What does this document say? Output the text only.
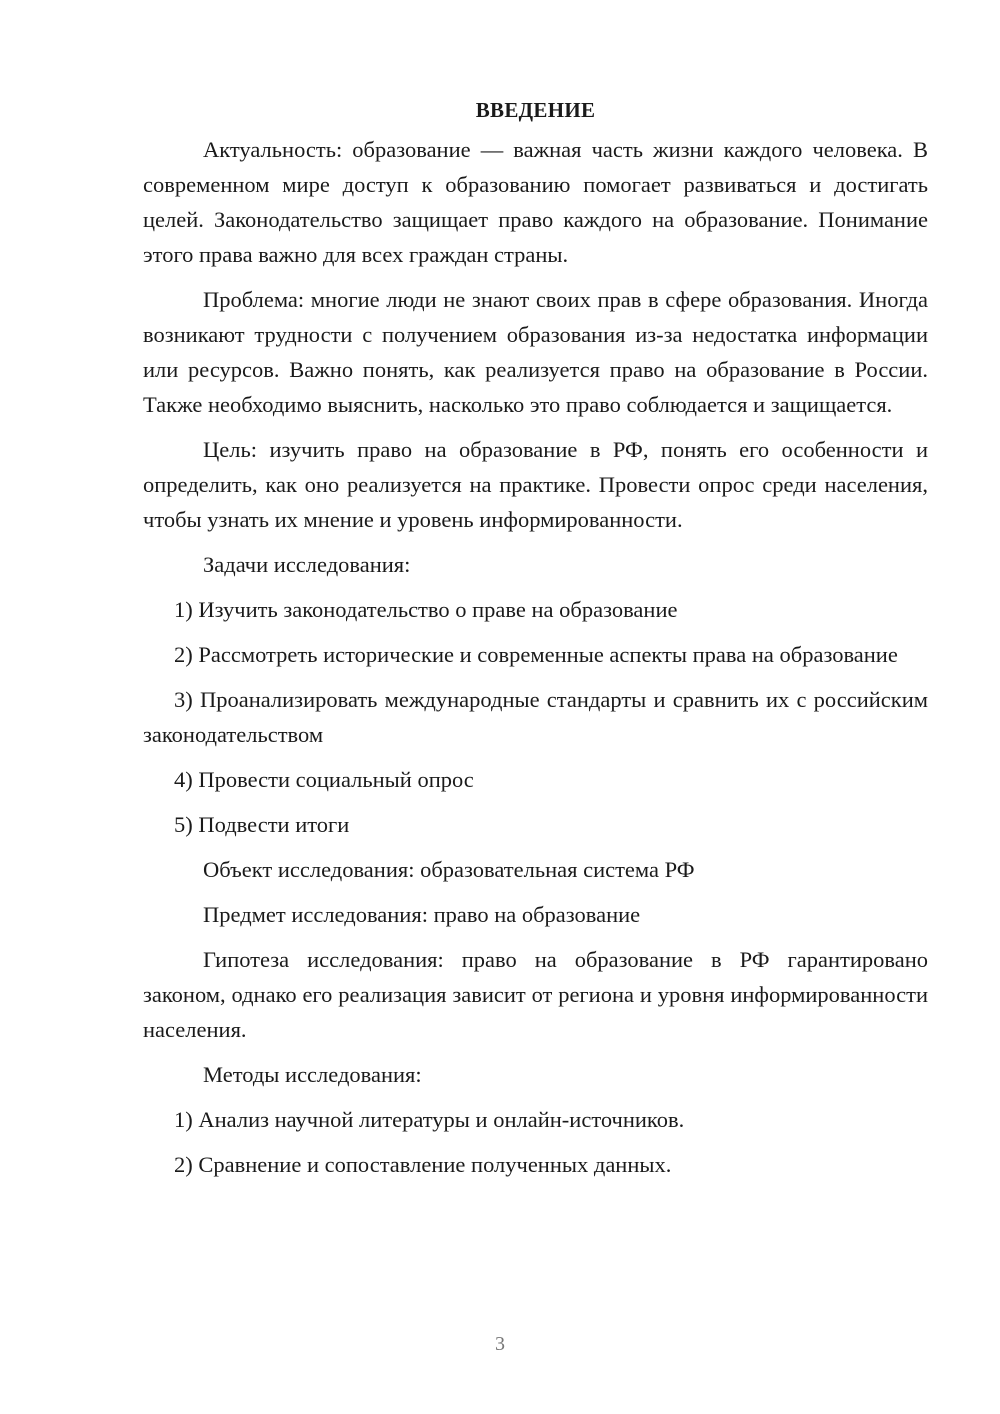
ВВЕДЕНИЕ

Актуальность: образование — важная часть жизни каждого человека. В современном мире доступ к образованию помогает развиваться и достигать целей. Законодательство защищает право каждого на образование. Понимание этого права важно для всех граждан страны.

Проблема: многие люди не знают своих прав в сфере образования. Иногда возникают трудности с получением образования из-за недостатка информации или ресурсов. Важно понять, как реализуется право на образование в России. Также необходимо выяснить, насколько это право соблюдается и защищается.

Цель: изучить право на образование в РФ, понять его особенности и определить, как оно реализуется на практике. Провести опрос среди населения, чтобы узнать их мнение и уровень информированности.

Задачи исследования:

1) Изучить законодательство о праве на образование

2) Рассмотреть исторические и современные аспекты права на образование

3) Проанализировать международные стандарты и сравнить их с российским законодательством

4) Провести социальный опрос

5) Подвести итоги

Объект исследования: образовательная система РФ

Предмет исследования: право на образование

Гипотеза исследования: право на образование в РФ гарантировано законом, однако его реализация зависит от региона и уровня информированности населения.

Методы исследования:

1) Анализ научной литературы и онлайн-источников.

2) Сравнение и сопоставление полученных данных.

3
